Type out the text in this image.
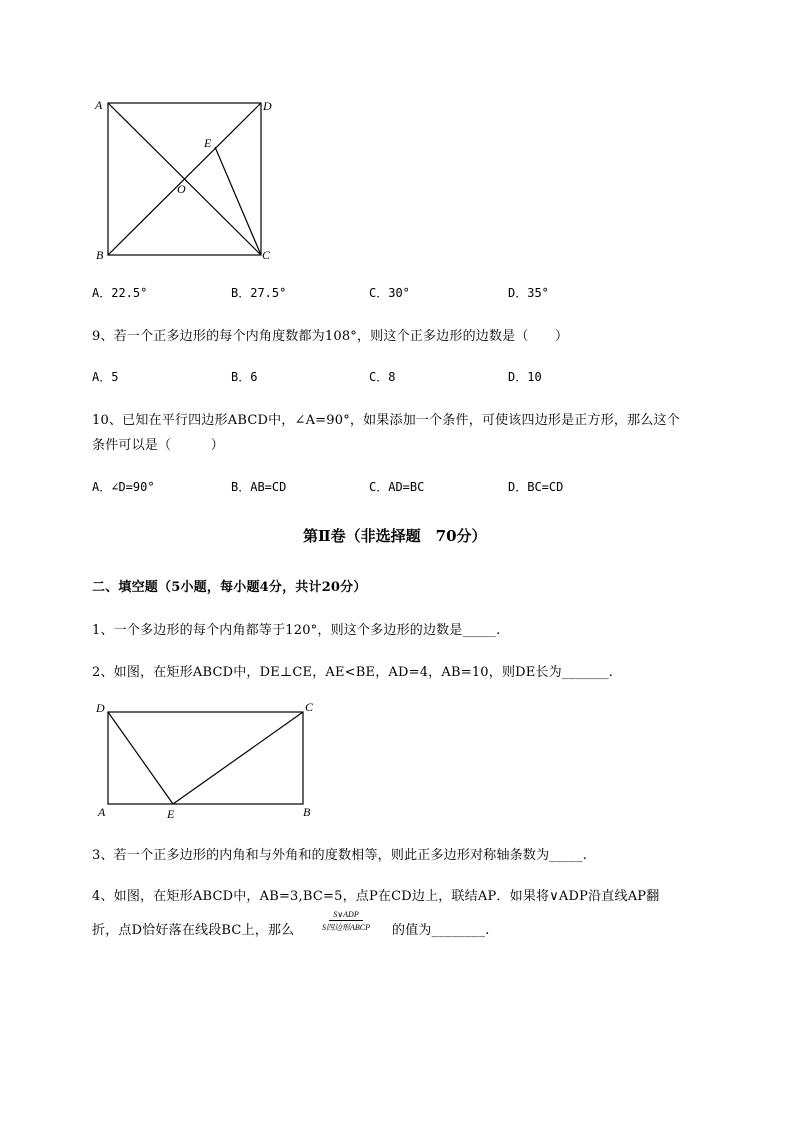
A	D
E
O
B	C
A．22.5°	B．27.5°	C．30°	D．35°
9、若一个正多边形的每个内角度数都为108°，则这个正多边形的边数是（　　）
A．5	B．6	C．8	D．10
10、已知在平行四边形ABCD中，∠A=90°，如果添加一个条件，可使该四边形是正方形，那么这个
条件可以是（　　　）
A．∠D=90°	B．AB=CD	C．AD=BC	D．BC=CD
第Ⅱ卷（非选择题　70分）
二、填空题（5小题，每小题4分，共计20分）
1、一个多边形的每个内角都等于120°，则这个多边形的边数是_____.
2、如图，在矩形ABCD中，DE⊥CE，AE<BE，AD=4，AB=10，则DE长为_______.
D	C
A	E	B
3、若一个正多边形的内角和与外角和的度数相等，则此正多边形对称轴条数为_____.
4、如图，在矩形ABCD中，AB=3,BC=5，点P在CD边上，联结AP．如果将∨ADP沿直线AP翻
折，点D恰好落在线段BC上，那么
S∨ADP
S四边形ABCP 的值为________.
